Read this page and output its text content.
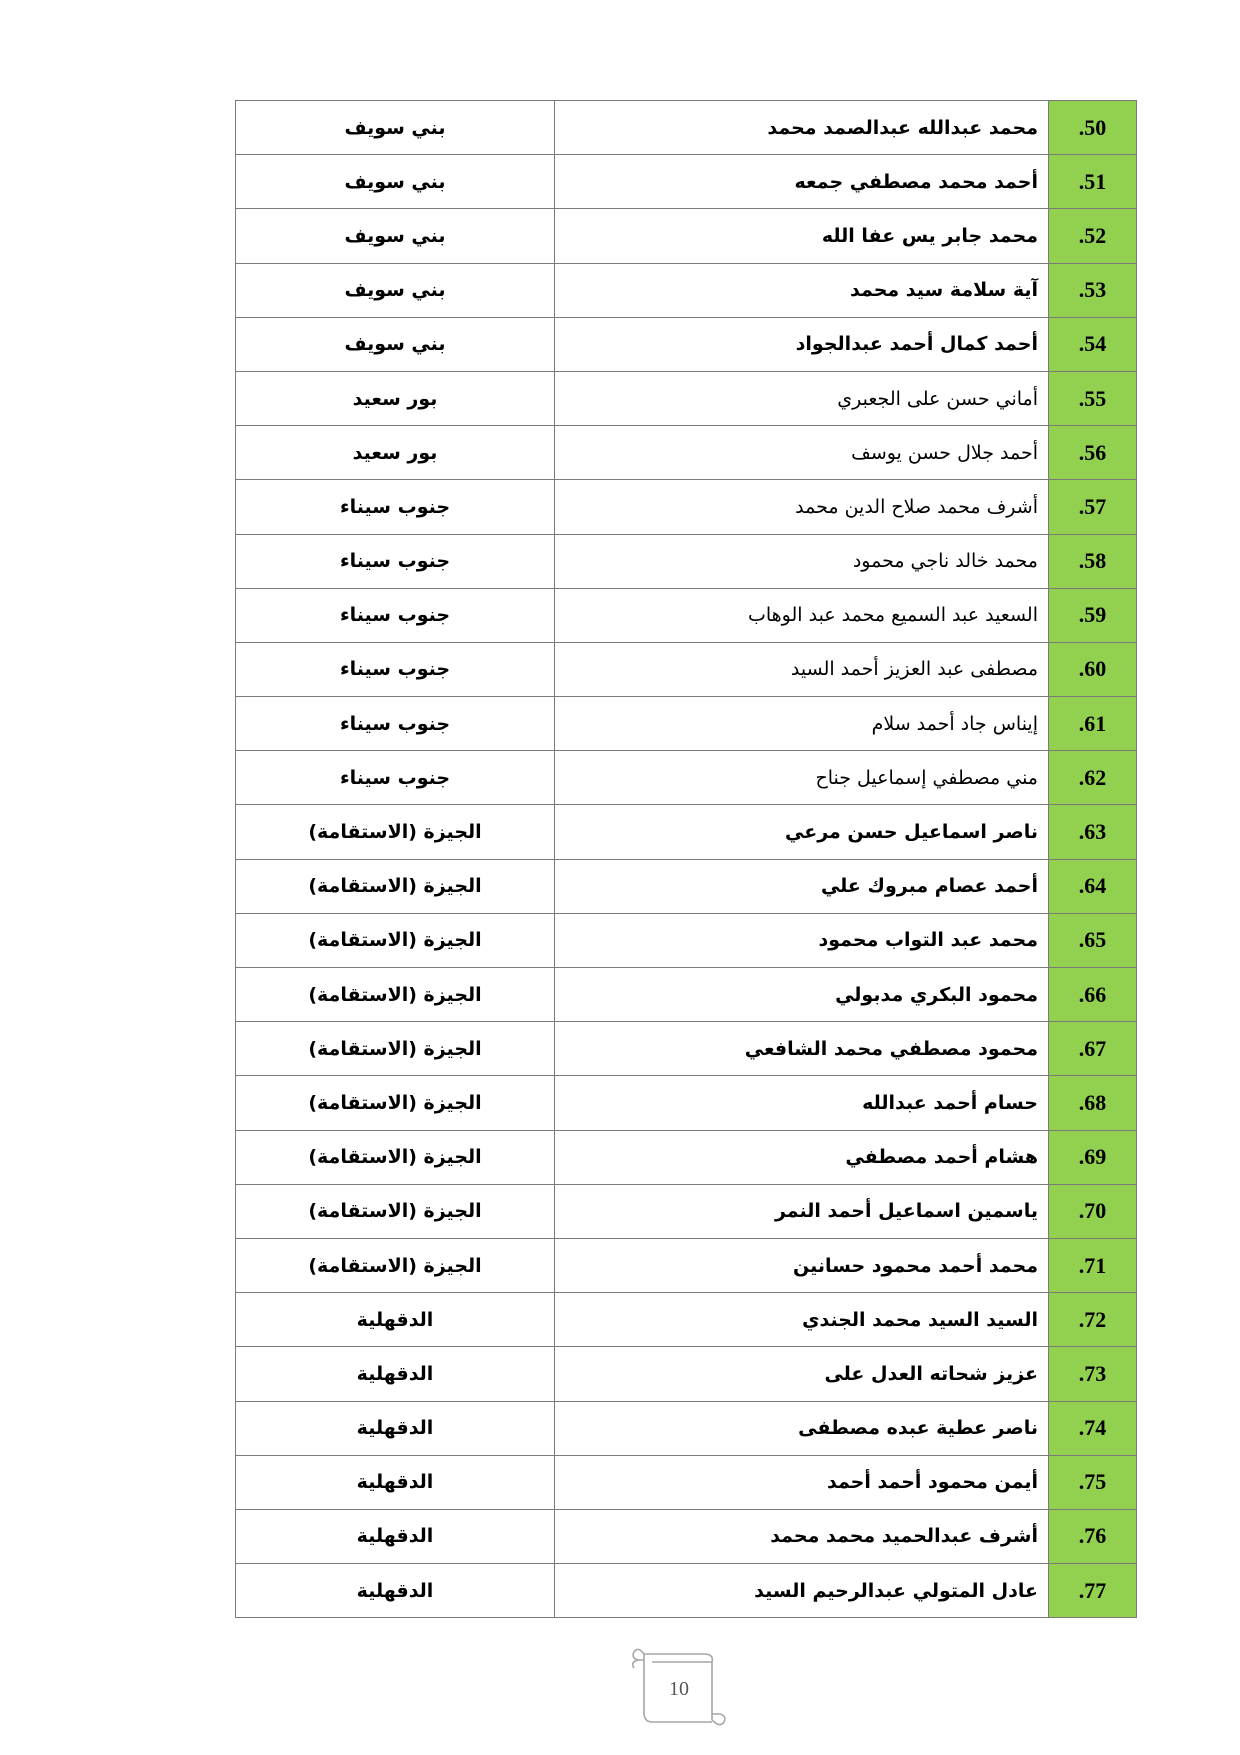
بني سويف	محمد عبدالله عبدالصمد محمد	.50
بني سويف	أحمد محمد مصطفي جمعه	.51
بني سويف	محمد جابر يس عفا الله	.52
بني سويف	آية سلامة سيد محمد	.53
بني سويف	أحمد كمال أحمد عبدالجواد	.54
بور سعيد	أماني حسن على الجعبري	.55
بور سعيد	أحمد جلال حسن يوسف	.56
جنوب سيناء	أشرف محمد صلاح الدين محمد	.57
جنوب سيناء	محمد خالد ناجي محمود	.58
جنوب سيناء	السعيد عبد السميع محمد عبد الوهاب	.59
جنوب سيناء	مصطفى عبد العزيز أحمد السيد	.60
جنوب سيناء	إيناس جاد أحمد سلام	.61
جنوب سيناء	مني مصطفي إسماعيل جناح	.62
الجيزة (الاستقامة)	ناصر اسماعيل حسن مرعي	.63
الجيزة (الاستقامة)	أحمد عصام مبروك علي	.64
الجيزة (الاستقامة)	محمد عبد التواب محمود	.65
الجيزة (الاستقامة)	محمود البكري مدبولي	.66
الجيزة (الاستقامة)	محمود مصطفي محمد الشافعي	.67
الجيزة (الاستقامة)	حسام أحمد عبدالله	.68
الجيزة (الاستقامة)	هشام أحمد مصطفي	.69
الجيزة (الاستقامة)	ياسمين اسماعيل أحمد النمر	.70
الجيزة (الاستقامة)	محمد أحمد محمود حسانين	.71
الدقهلية	السيد السيد محمد الجندي	.72
الدقهلية	عزيز شحاته العدل على	.73
الدقهلية	ناصر عطية عبده مصطفى	.74
الدقهلية	أيمن محمود أحمد أحمد	.75
الدقهلية	أشرف عبدالحميد محمد محمد	.76
الدقهلية	عادل المتولي عبدالرحيم السيد	.77
10
